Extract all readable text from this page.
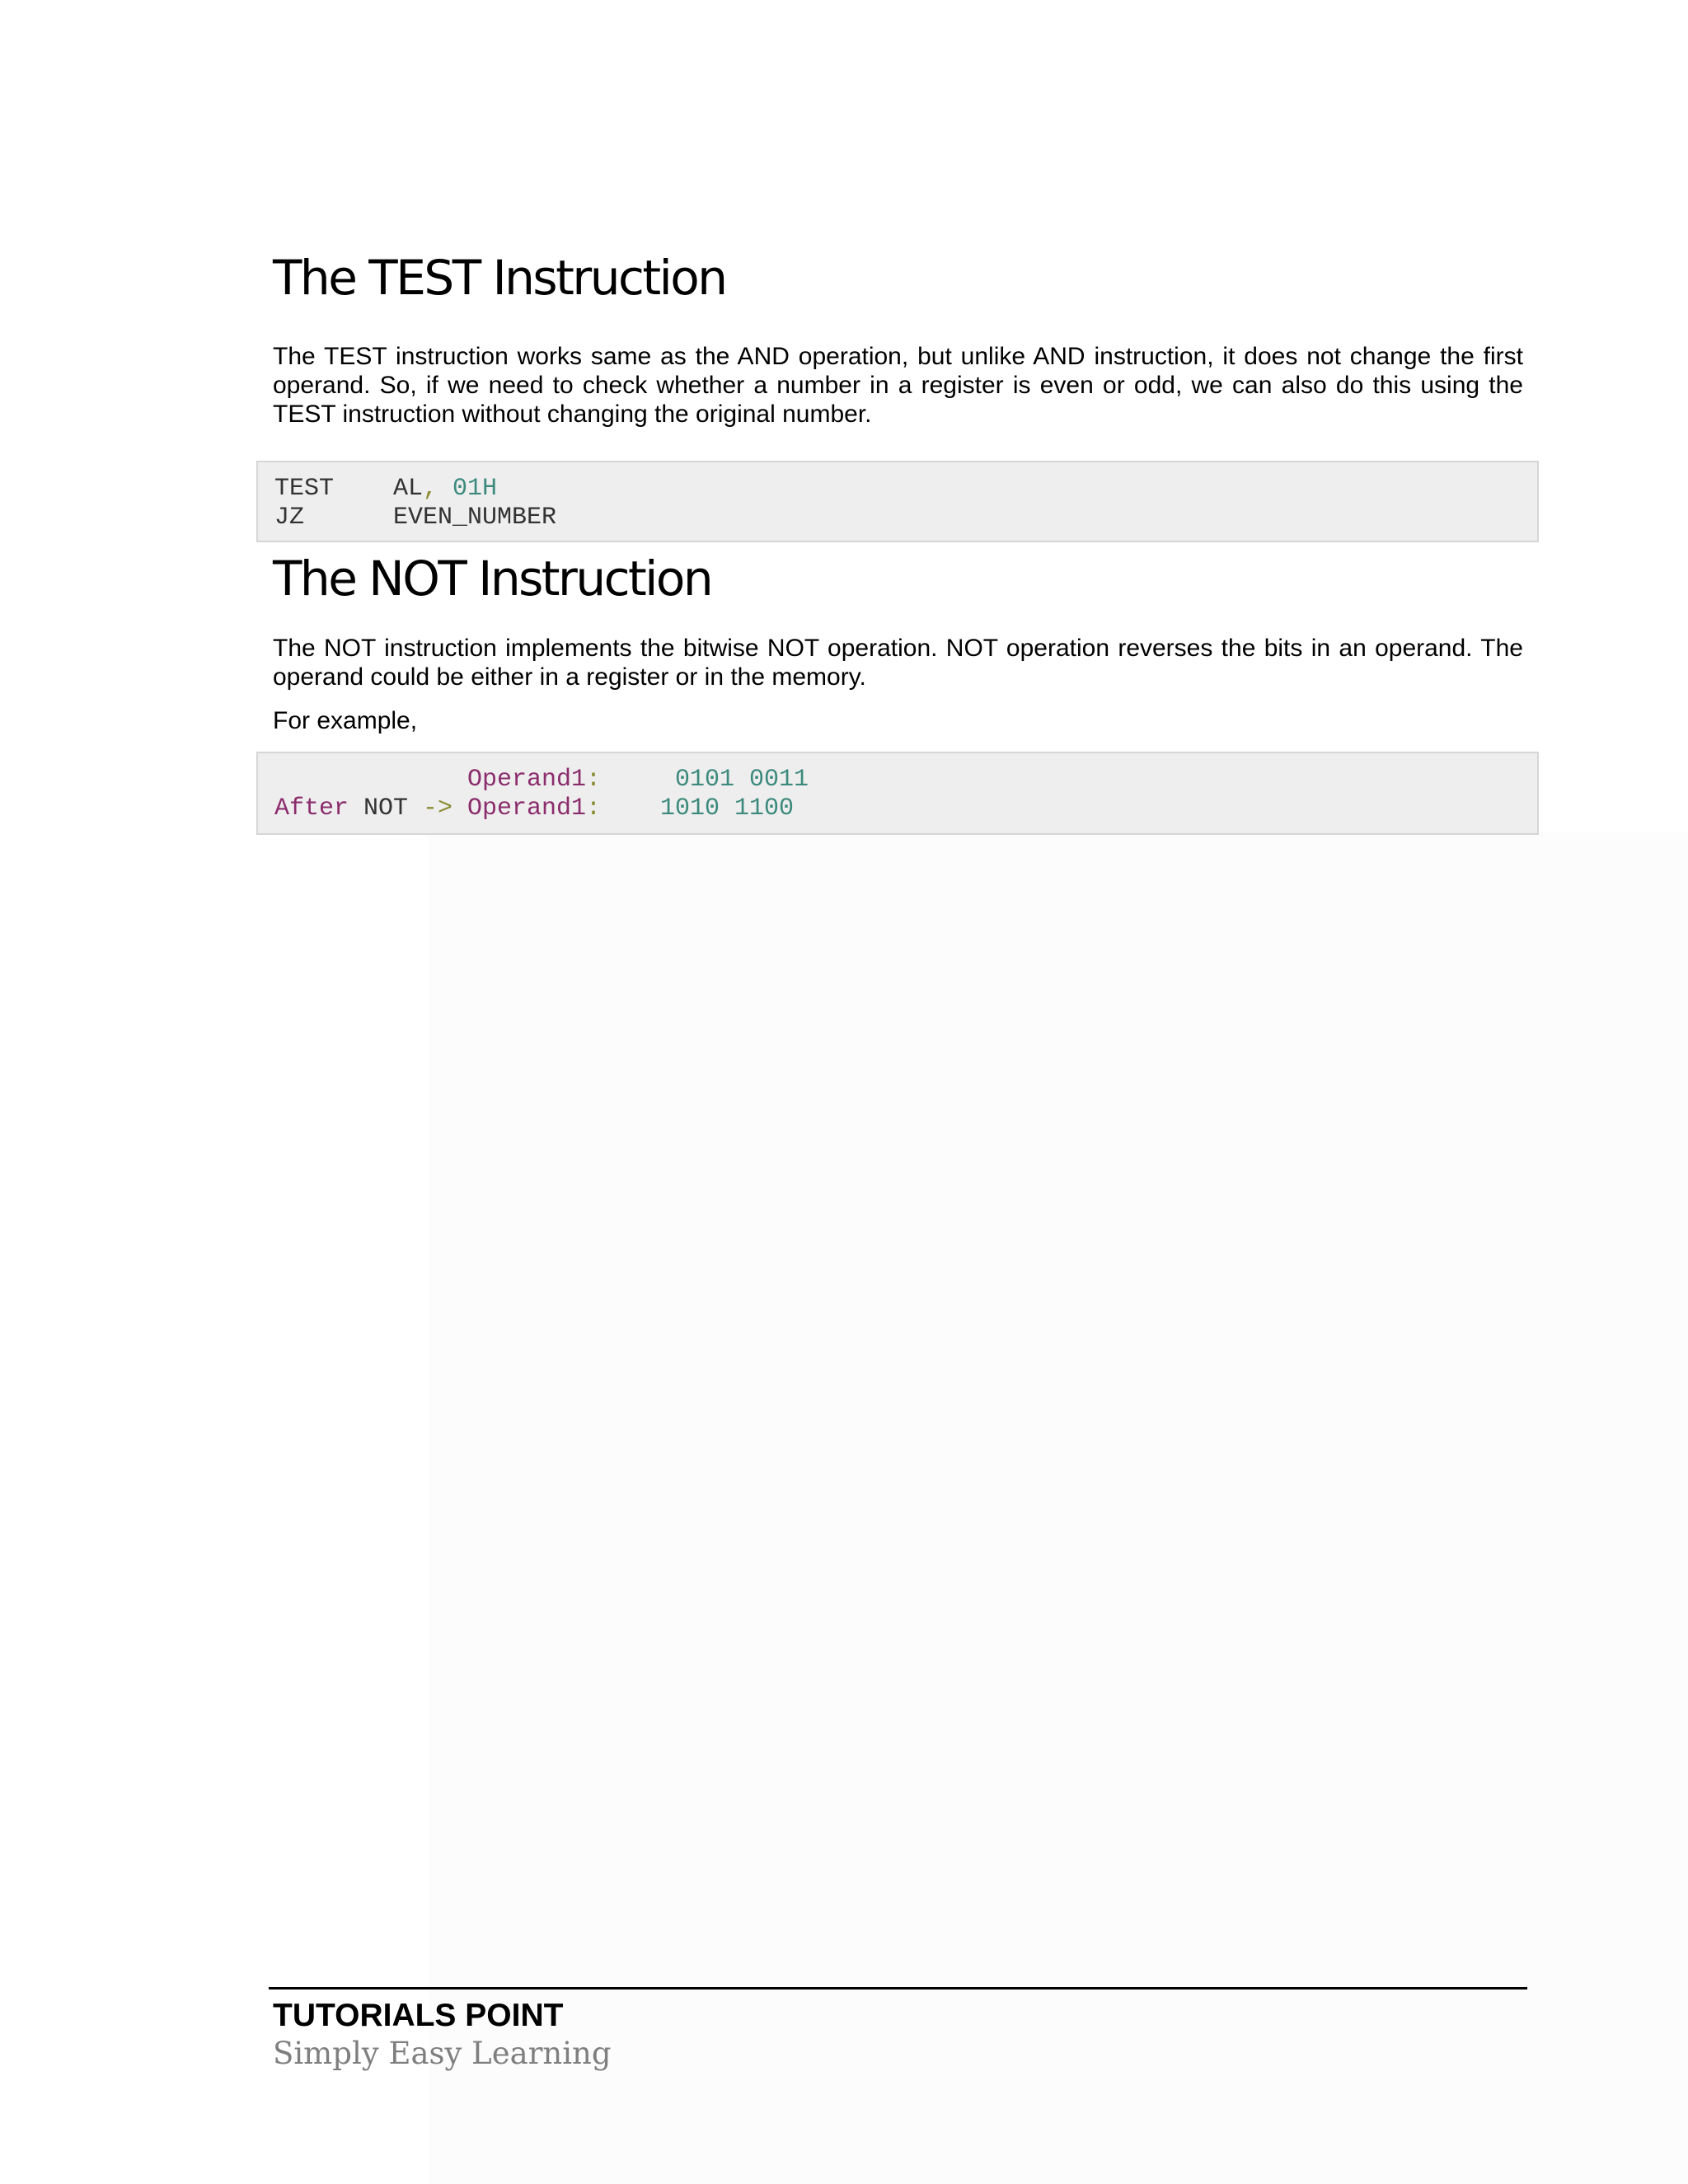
The TEST Instruction

The TEST instruction works same as the AND operation, but unlike AND instruction, it does not change the first operand. So, if we need to check whether a number in a register is even or odd, we can also do this using the TEST instruction without changing the original number.

TEST

AL

,

01H

JZ

	EVEN_NUMBER

The NOT Instruction

The NOT instruction implements the bitwise NOT operation. NOT operation reverses the bits in an operand. The operand could be either in a register or in the memory.

For example,

Operand1

:

	0101 0011

After

NOT

->

Operand1

:

1010 1100

TUTORIALS POINT
Simply Easy Learning
